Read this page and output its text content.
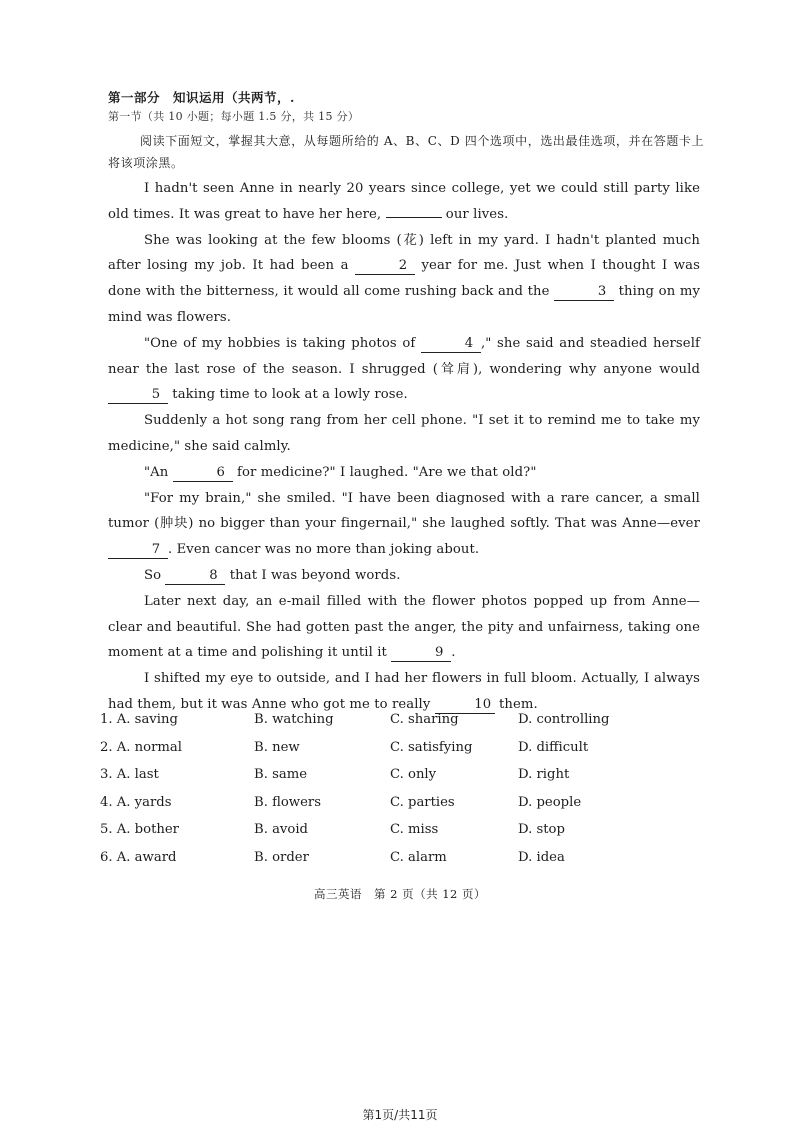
第一部分　知识运用（共两节，.
第一节（共 10 小题；每小题 1.5 分，共 15 分）
阅读下面短文，掌握其大意，从每题所给的 A、B、C、D 四个选项中，选出最佳选项，并在答题卡上将该项涂黑。

I hadn't seen Anne in nearly 20 years since college, yet we could still party like old times. It was great to have her here,	our lives.

She was looking at the few blooms (花) left in my yard. I hadn't planted much after losing my job. It had been a	2 year for me. Just when I thought I was done with the bitterness, it would all come rushing back and the	3 thing on my mind was flowers.

"One of my hobbies is taking photos of	4 ," she said and steadied herself near the last rose of the season. I shrugged (耸肩), wondering why anyone would 5 taking time to look at a lowly rose.

Suddenly a hot song rang from her cell phone. "I set it to remind me to take my medicine," she said calmly.

"An	6 for medicine?" I laughed. "Are we that old?"

"For my brain," she smiled. "I have been diagnosed with a rare cancer, a small tumor (肿块) no bigger than your fingernail," she laughed softly. That was Anne—ever 7 . Even cancer was no more than joking about.

So	8 that I was beyond words.

Later next day, an e-mail filled with the flower photos popped up from Anne—clear and beautiful. She had gotten past the anger, the pity and unfairness, taking one moment at a time and polishing it until it	9 .

I shifted my eye to outside, and I had her flowers in full bloom. Actually, I always had them, but it was Anne who got me to really	10 them.

1. A. saving	B. watching	C. sharing	D. controlling
2. A. normal	B. new	C. satisfying	D. difficult
3. A. last	B. same	C. only	D. right
4. A. yards	B. flowers	C. parties	D. people
5. A. bother	B. avoid	C. miss	D. stop
6. A. award	B. order	C. alarm	D. idea
高三英语　第 2 页（共 12 页）
第1页/共11页
